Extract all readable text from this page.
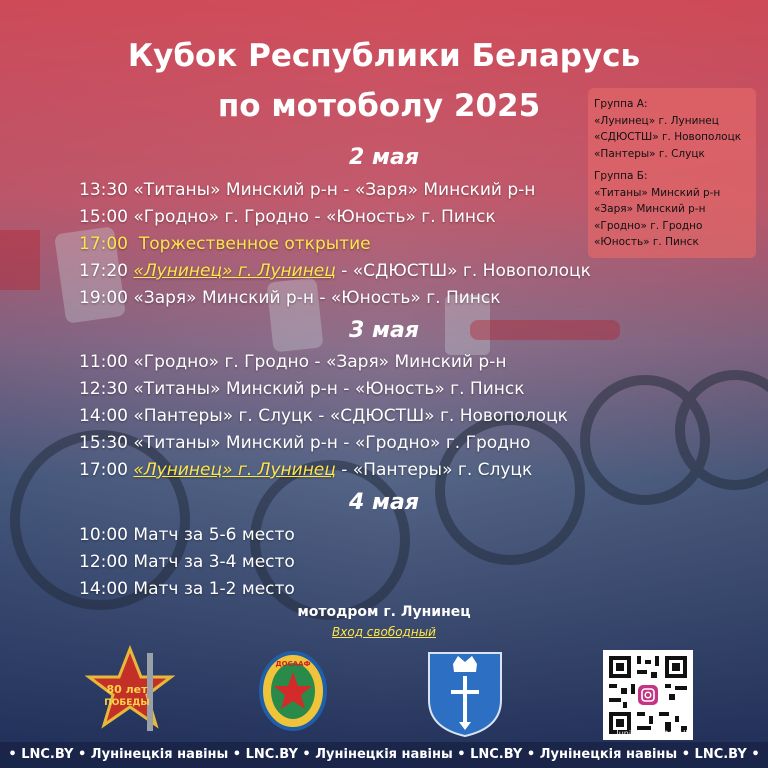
Кубок Республики Беларусь
по мотоболу 2025	Группа А:
«Лунинец» г. Лунинец
«СДЮСТШ» г. Новополоцк
«Пантеры» г. Слуцк
Группа Б:
«Титаны» Минский р-н
«Заря» Минский р-н
«Гродно» г. Гродно
«Юность» г. Пинск
2 мая
13:30 «Титаны» Минский р-н - «Заря» Минский р-н
15:00 «Гродно» г. Гродно - «Юность» г. Пинск
17:00 Торжественное открытие
17:20 «Лунинец» г. Лунинец - «СДЮСТШ» г. Новополоцк
19:00 «Заря» Минский р-н - «Юность» г. Пинск
3 мая
11:00 «Гродно» г. Гродно - «Заря» Минский р-н
12:30 «Титаны» Минский р-н - «Юность» г. Пинск
14:00 «Пантеры» г. Слуцк - «СДЮСТШ» г. Новополоцк
15:30 «Титаны» Минский р-н - «Гродно» г. Гродно
17:00 «Лунинец» г. Лунинец - «Пантеры» г. Слуцк
4 мая
10:00 Матч за 5-6 место
12:00 Матч за 3-4 место
14:00 Матч за 1-2 место
мотодром г. Лунинец
Вход свободный
80 лет
ПОБЕДЫ
ДОСААФ
luninets_motoball
• LNC.BY • Лунінецкія навіны • LNC.BY • Лунінецкія навіны • LNC.BY • Лунінецкія навіны • LNC.BY •
